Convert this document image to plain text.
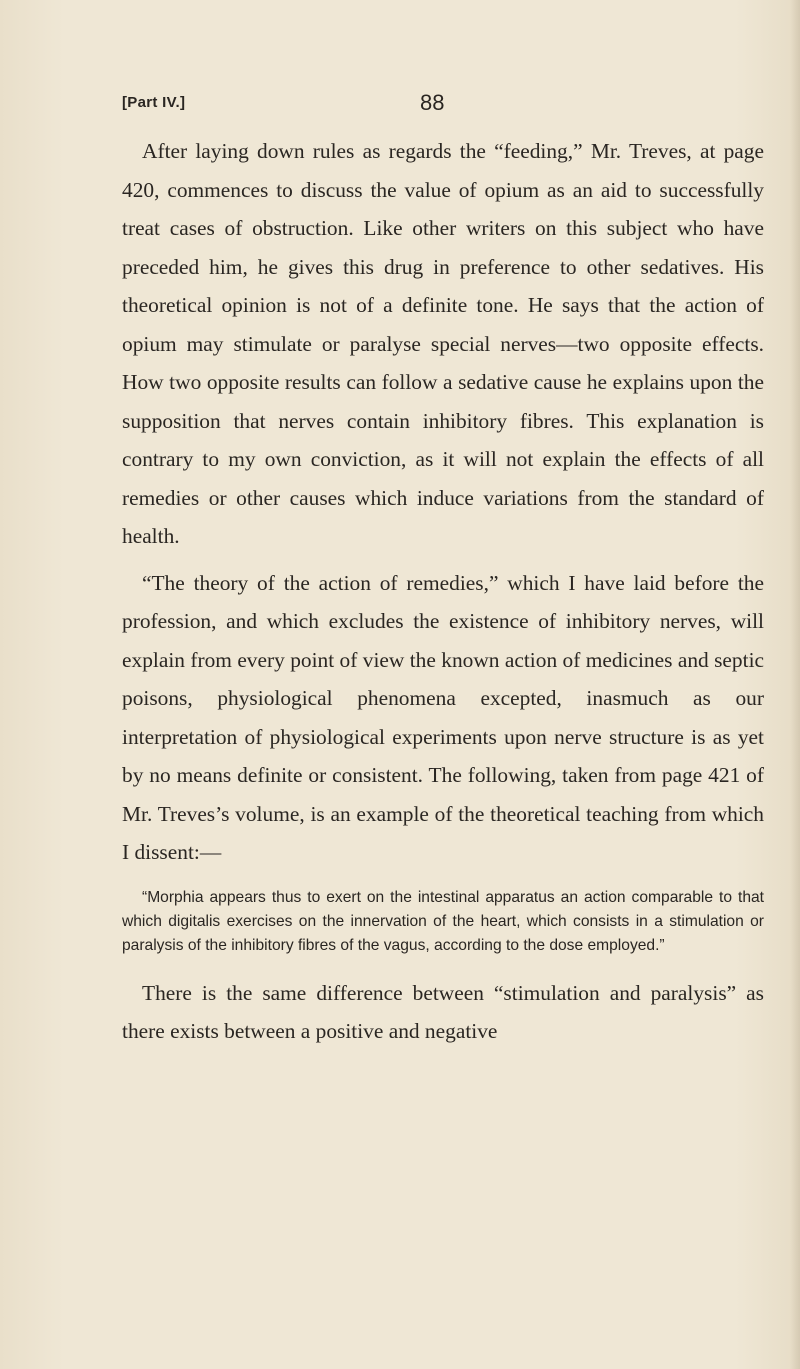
[Part IV.]	88

After laying down rules as regards the “feeding,” Mr. Treves, at page 420, commences to discuss the value of opium as an aid to successfully treat cases of obstruction. Like other writers on this subject who have preceded him, he gives this drug in preference to other sedatives. His theoretical opinion is not of a definite tone. He says that the action of opium may stimulate or paralyse special nerves—two opposite effects. How two opposite results can follow a sedative cause he explains upon the supposition that nerves contain inhibitory fibres. This explanation is contrary to my own conviction, as it will not explain the effects of all remedies or other causes which induce variations from the standard of health.

“The theory of the action of remedies,” which I have laid before the profession, and which excludes the existence of inhibitory nerves, will explain from every point of view the known action of medicines and septic poisons, physiological phenomena excepted, inasmuch as our interpretation of physiological experiments upon nerve structure is as yet by no means definite or consistent. The following, taken from page 421 of Mr. Treves’s volume, is an example of the theoretical teaching from which I dissent:—

“Morphia appears thus to exert on the intestinal apparatus an action comparable to that which digitalis exercises on the innervation of the heart, which consists in a stimulation or paralysis of the inhibitory fibres of the vagus, according to the dose employed.”

There is the same difference between “stimulation and paralysis” as there exists between a positive and negative
